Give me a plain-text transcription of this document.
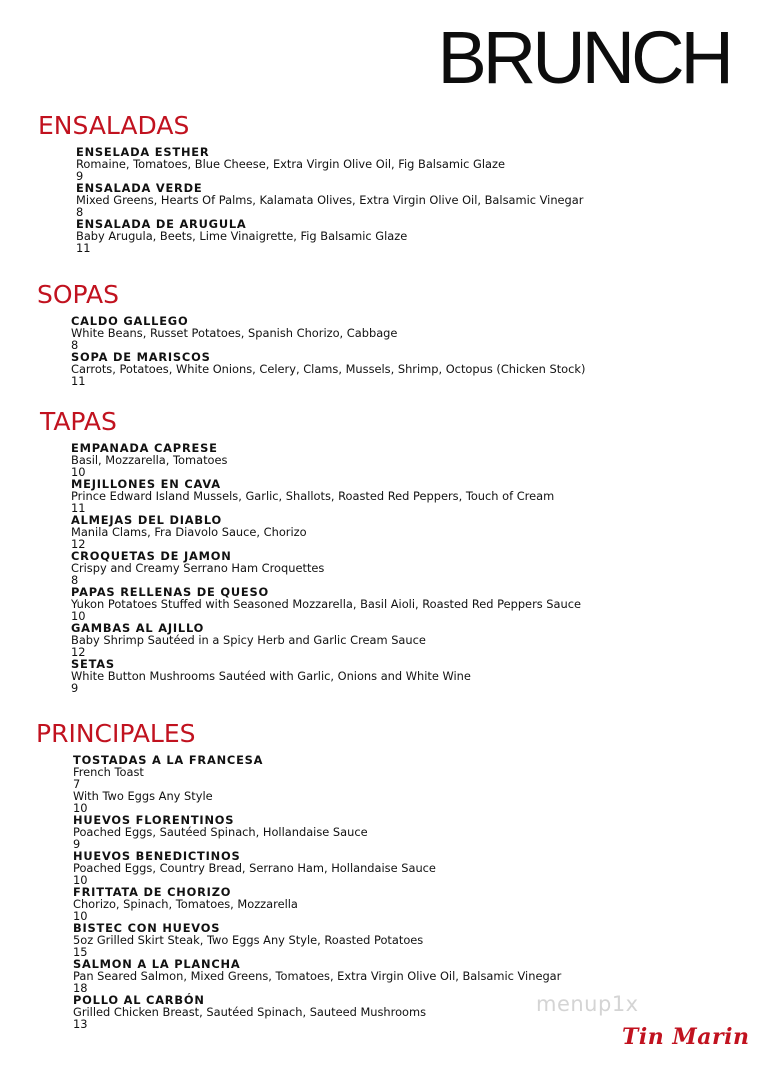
BRUNCH
ENSALADAS
ENSELADA ESTHER
Romaine, Tomatoes, Blue Cheese, Extra Virgin Olive Oil, Fig Balsamic Glaze
9
ENSALADA VERDE
Mixed Greens, Hearts Of Palms, Kalamata Olives, Extra Virgin Olive Oil, Balsamic Vinegar
8
ENSALADA DE ARUGULA
Baby Arugula, Beets, Lime Vinaigrette, Fig Balsamic Glaze
11
SOPAS
CALDO GALLEGO
White Beans, Russet Potatoes, Spanish Chorizo, Cabbage
8
SOPA DE MARISCOS
Carrots, Potatoes, White Onions, Celery, Clams, Mussels, Shrimp, Octopus (Chicken Stock)
11
TAPAS
EMPANADA CAPRESE
Basil, Mozzarella, Tomatoes
10
MEJILLONES EN CAVA
Prince Edward Island Mussels, Garlic, Shallots, Roasted Red Peppers, Touch of Cream
11
ALMEJAS DEL DIABLO
Manila Clams, Fra Diavolo Sauce, Chorizo
12
CROQUETAS DE JAMON
Crispy and Creamy Serrano Ham Croquettes
8
PAPAS RELLENAS DE QUESO
Yukon Potatoes Stuffed with Seasoned Mozzarella, Basil Aioli, Roasted Red Peppers Sauce
10
GAMBAS AL AJILLO
Baby Shrimp Sautéed in a Spicy Herb and Garlic Cream Sauce
12
SETAS
White Button Mushrooms Sautéed with Garlic, Onions and White Wine
9
PRINCIPALES
TOSTADAS A LA FRANCESA
French Toast
7
With Two Eggs Any Style
10
HUEVOS FLORENTINOS
Poached Eggs, Sautéed Spinach, Hollandaise Sauce
9
HUEVOS BENEDICTINOS
Poached Eggs, Country Bread, Serrano Ham, Hollandaise Sauce
10
FRITTATA DE CHORIZO
Chorizo, Spinach, Tomatoes, Mozzarella
10
BISTEC CON HUEVOS
5oz Grilled Skirt Steak, Two Eggs Any Style, Roasted Potatoes
15
SALMON A LA PLANCHA
Pan Seared Salmon, Mixed Greens, Tomatoes, Extra Virgin Olive Oil, Balsamic Vinegar
18
POLLO AL CARBÓN
Grilled Chicken Breast, Sautéed Spinach, Sauteed Mushrooms
13
menup1x
Tin Marin
